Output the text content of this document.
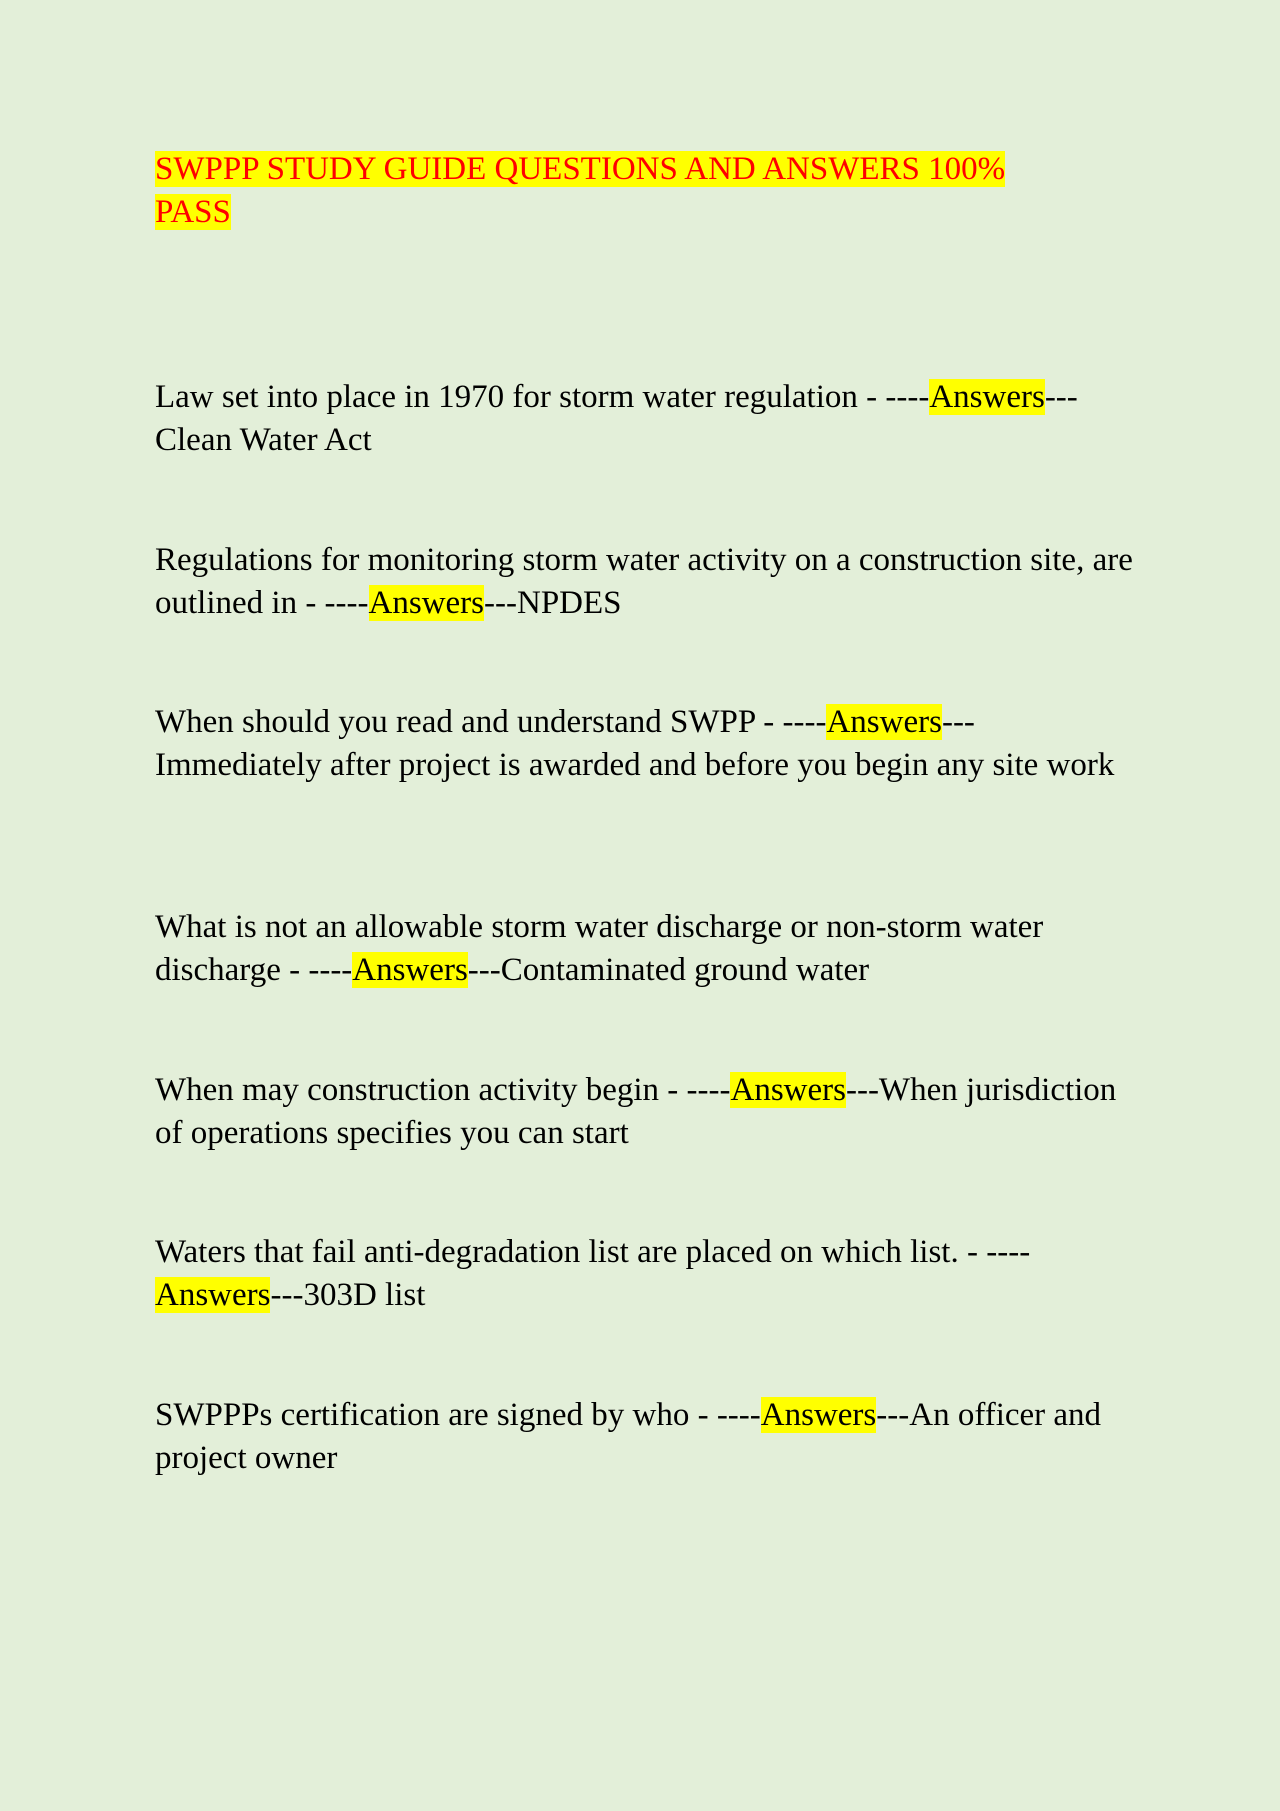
SWPPP STUDY GUIDE QUESTIONS AND ANSWERS 100%
PASS

Law set into place in 1970 for storm water regulation - ----Answers---
Clean Water Act

Regulations for monitoring storm water activity on a construction site, are outlined in - ----Answers---NPDES

When should you read and understand SWPP - ----Answers---
Immediately after project is awarded and before you begin any site work

What is not an allowable storm water discharge or non-storm water discharge - ----Answers---Contaminated ground water

When may construction activity begin - ----Answers---When jurisdiction of operations specifies you can start

Waters that fail anti-degradation list are placed on which list. - ----Answers---303D list

SWPPPs certification are signed by who - ----Answers---An officer and project owner
